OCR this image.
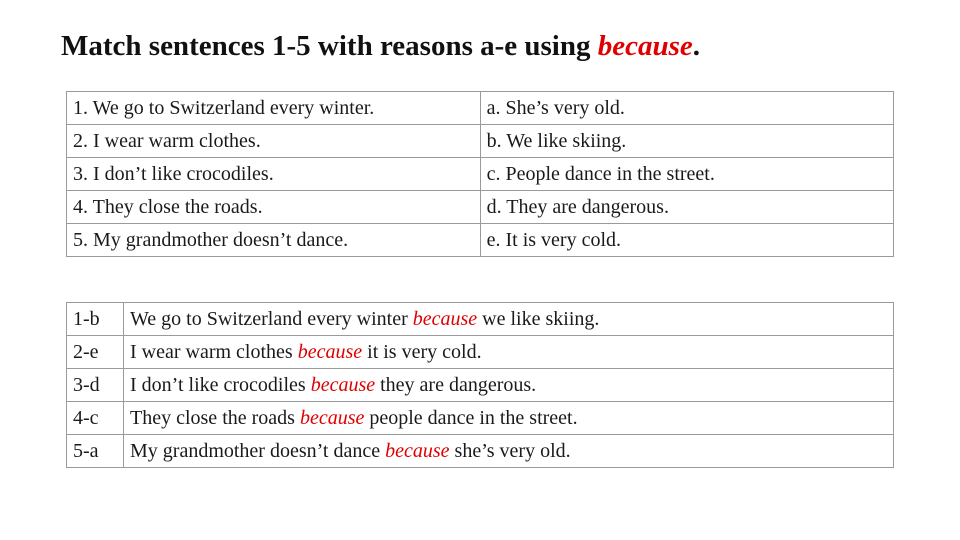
Match sentences 1-5 with reasons a-e using because.
1. We go to Switzerland every winter.	a. She’s very old.
2. I wear warm clothes.	b. We like skiing.
3. I don’t like crocodiles.	c. People dance in the street.
4. They close the roads.	d. They are dangerous.
5. My grandmother doesn’t dance.	e. It is very cold.
1-b	We go to Switzerland every winter because we like skiing.
2-e	I wear warm clothes because it is very cold.
3-d	I don’t like crocodiles because they are dangerous.
4-c	They close the roads because people dance in the street.
5-a	My grandmother doesn’t dance because she’s very old.
